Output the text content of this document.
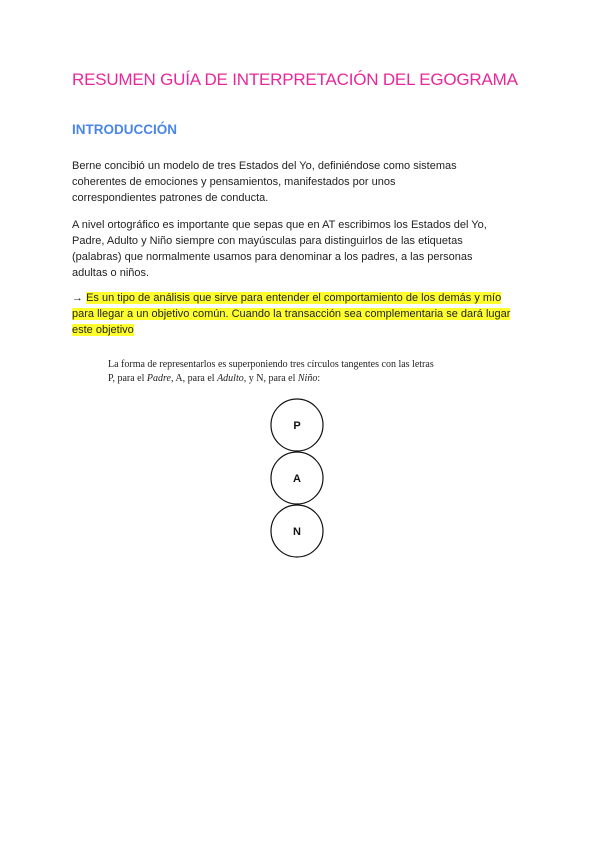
RESUMEN GUÍA DE INTERPRETACIÓN DEL EGOGRAMA
INTRODUCCIÓN
Berne concibió un modelo de tres Estados del Yo, definiéndose como sistemas
coherentes de emociones y pensamientos, manifestados por unos
correspondientes patrones de conducta.
A nivel ortográfico es importante que sepas que en AT escribimos los Estados del Yo,
Padre, Adulto y Niño siempre con mayúsculas para distinguirlos de las etiquetas
(palabras) que normalmente usamos para denominar a los padres, a las personas
adultas o niños.
→ Es un tipo de análisis que sirve para entender el comportamiento de los demás y mío
para llegar a un objetivo común. Cuando la transacción sea complementaria se dará lugar
este objetivo

La forma de representarlos es superponiendo tres círculos tangentes con las letras

P, para el Padre, A, para el Adulto, y N, para el Niño:

P
A
N
